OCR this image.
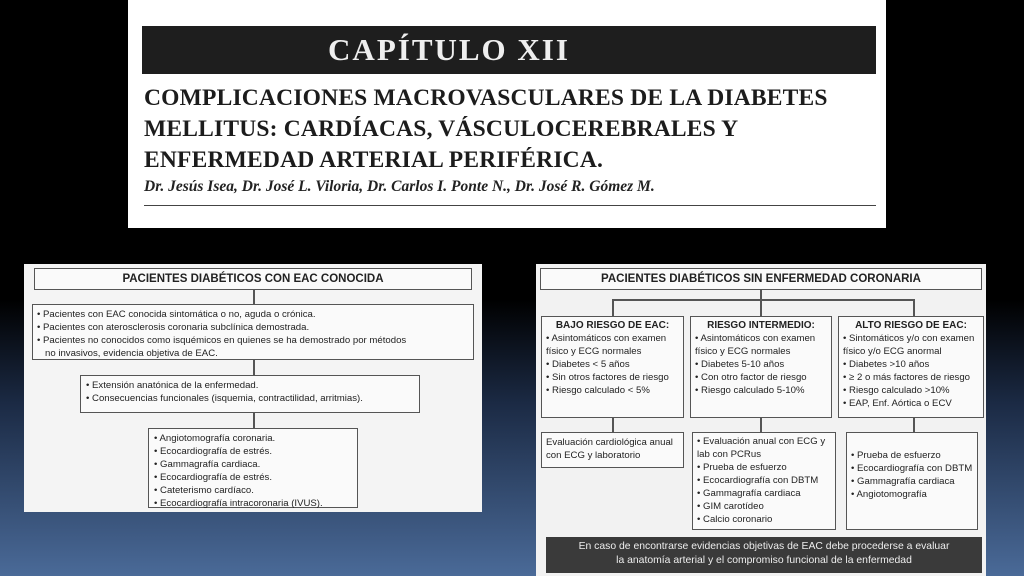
CAPÍTULO XII
COMPLICACIONES MACROVASCULARES DE LA DIABETES
MELLITUS: CARDÍACAS, VÁSCULOCEREBRALES Y
ENFERMEDAD ARTERIAL PERIFÉRICA.
Dr. Jesús Isea, Dr. José L. Viloria, Dr. Carlos I. Ponte N., Dr. José R. Gómez M.
PACIENTES DIABÉTICOS CON EAC CONOCIDA
• Pacientes con EAC conocida sintomática o no, aguda o crónica.
• Pacientes con aterosclerosis coronaria subclínica demostrada.
• Pacientes no conocidos como isquémicos en quienes se ha demostrado por métodos
no invasivos, evidencia objetiva de EAC.
• Extensión anatónica de la enfermedad.
• Consecuencias funcionales (isquemia, contractilidad, arritmias).
• Angiotomografía coronaria.
• Ecocardiografía de estrés.
• Gammagrafía cardiaca.
• Ecocardiografía de estrés.
• Cateterismo cardíaco.
• Ecocardiografía intracoronaria (IVUS).
PACIENTES DIABÉTICOS SIN ENFERMEDAD CORONARIA
BAJO RIESGO DE EAC:
• Asintomáticos con examen
físico y ECG normales
• Diabetes < 5 años
• Sin otros factores de riesgo
• Riesgo calculado < 5%
Evaluación cardiológica anual
con ECG y laboratorio
RIESGO INTERMEDIO:
• Asintomáticos con examen
físico y ECG normales
• Diabetes 5-10 años
• Con otro factor de riesgo
• Riesgo calculado 5-10%
• Evaluación anual con ECG y
lab con PCRus
• Prueba de esfuerzo
• Ecocardiografía con DBTM
• Gammagrafía cardiaca
• GIM carotídeo
• Calcio coronario
ALTO RIESGO DE EAC:
• Sintomáticos y/o con examen
físico y/o ECG anormal
• Diabetes >10 años
• ≥ 2 o más factores de riesgo
• Riesgo calculado >10%
• EAP, Enf. Aórtica o ECV
• Prueba de esfuerzo
• Ecocardiografía con DBTM
• Gammagrafía cardiaca
• Angiotomografía
En caso de encontrarse evidencias objetivas de EAC debe procederse a evaluar
la anatomía arterial y el compromiso funcional de la enfermedad
